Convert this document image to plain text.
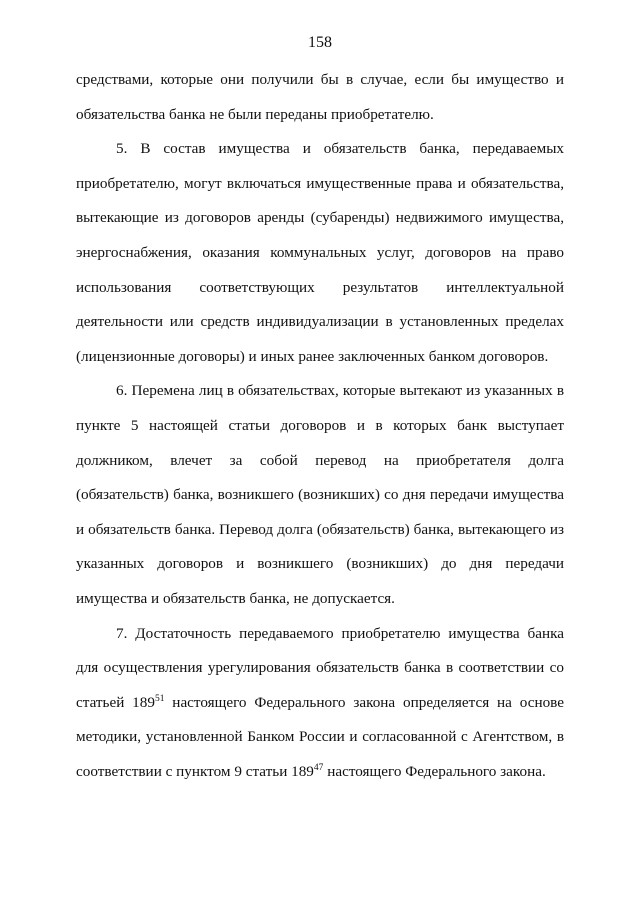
158

средствами, которые они получили бы в случае, если бы имущество и обязательства банка не были переданы приобретателю.

5. В состав имущества и обязательств банка, передаваемых приобретателю, могут включаться имущественные права и обязательства, вытекающие из договоров аренды (субаренды) недвижимого имущества, энергоснабжения, оказания коммунальных услуг, договоров на право использования соответствующих результатов интеллектуальной деятельности или средств индивидуализации в установленных пределах (лицензионные договоры) и иных ранее заключенных банком договоров.

6. Перемена лиц в обязательствах, которые вытекают из указанных в пункте 5 настоящей статьи договоров и в которых банк выступает должником, влечет за собой перевод на приобретателя долга (обязательств) банка, возникшего (возникших) со дня передачи имущества и обязательств банка. Перевод долга (обязательств) банка, вытекающего из указанных договоров и возникшего (возникших) до дня передачи имущества и обязательств банка, не допускается.

7. Достаточность передаваемого приобретателю имущества банка для осуществления урегулирования обязательств банка в соответствии со статьей $189^{51}$ настоящего Федерального закона определяется на основе методики, установленной Банком России и согласованной с Агентством, в соответствии с пунктом 9 статьи $189^{47}$ настоящего Федерального закона.
